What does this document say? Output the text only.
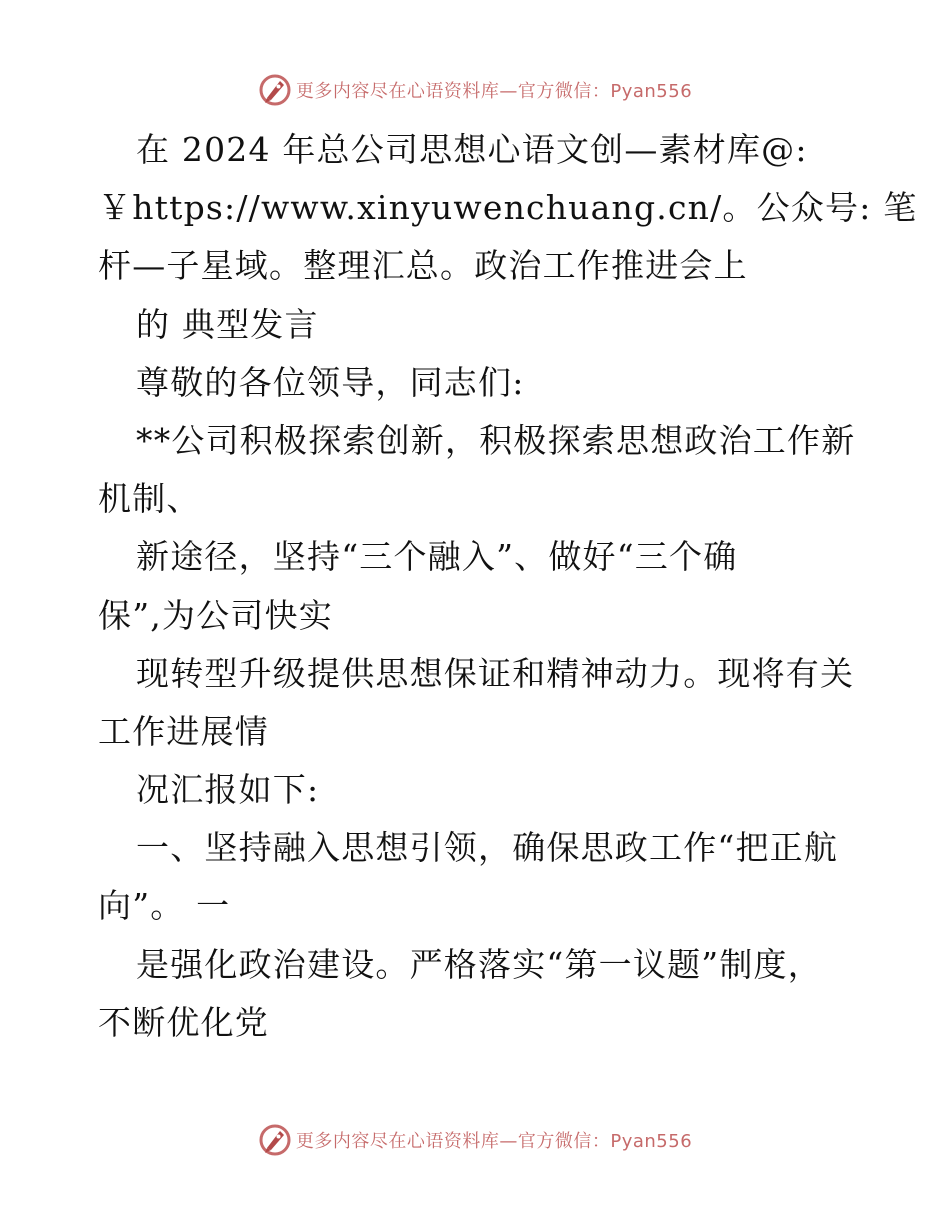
更多内容尽在心语资料库—官方微信：Pyan556
在 2024 年总公司思想心语文创—素材库@:
￥https://www.xinyuwenchuang.cn/。公众号: 笔
杆—子星域。整理汇总。政治工作推进会上
的 典型发言
尊敬的各位领导，同志们:
**公司积极探索创新，积极探索思想政治工作新
机制、
新途径，坚持“三个融入”、做好“三个确
保”,为公司快实
现转型升级提供思想保证和精神动力。现将有关
工作进展情
况汇报如下:
一、坚持融入思想引领，确保思政工作“把正航
向”。 一
是强化政治建设。严格落实“第一议题”制度，
不断优化党
更多内容尽在心语资料库—官方微信：Pyan556
